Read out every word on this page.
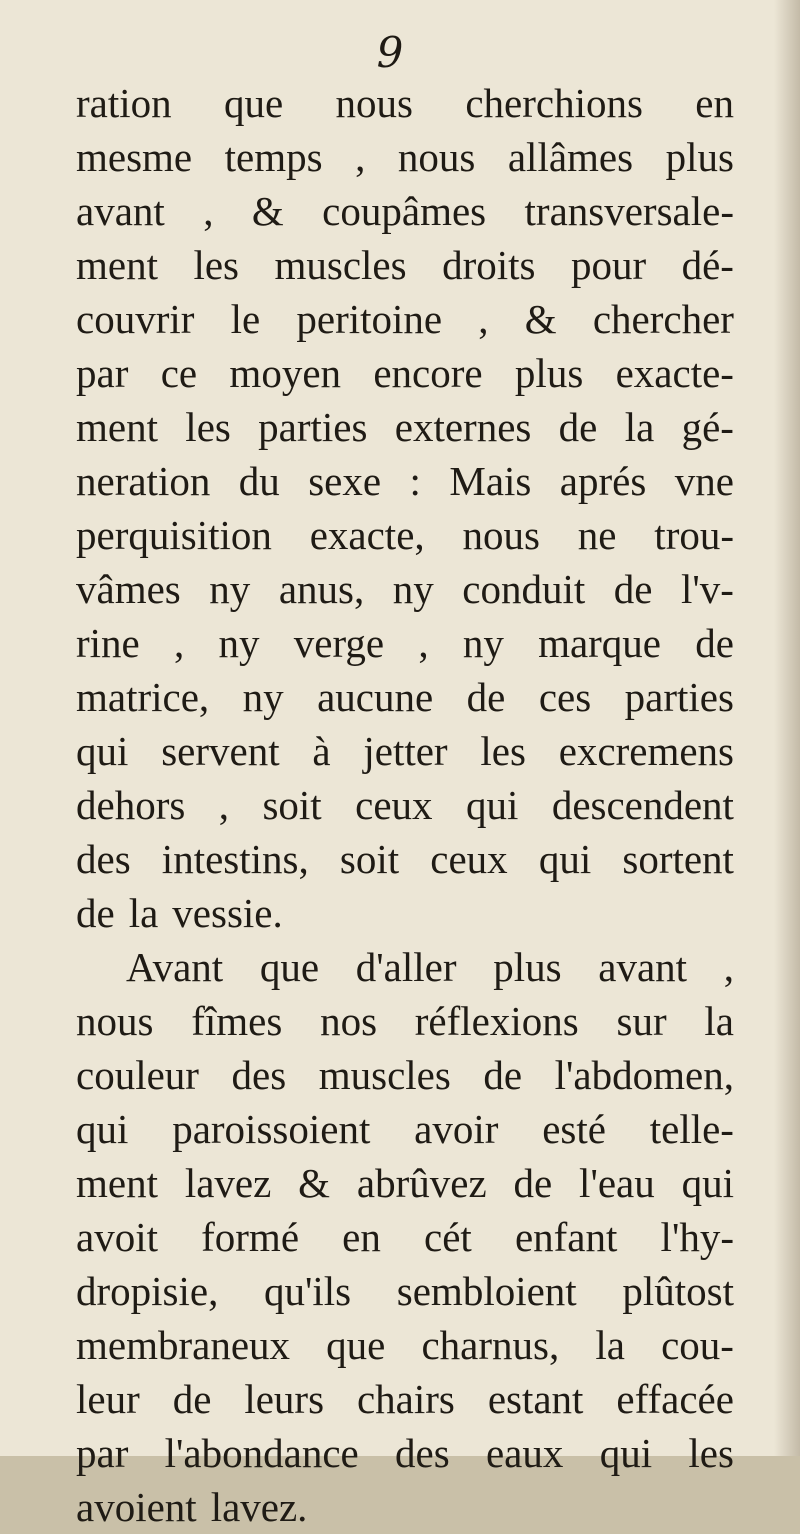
9
ration que nous cherchions en
mesme temps , nous allâmes plus
avant , & coupâmes transversale-
ment les muscles droits pour dé-
couvrir le peritoine , & chercher
par ce moyen encore plus exacte-
ment les parties externes de la gé-
neration du sexe : Mais aprés vne
perquisition exacte, nous ne trou-
vâmes ny anus, ny conduit de l'v-
rine , ny verge , ny marque de
matrice, ny aucune de ces parties
qui servent à jetter les excremens
dehors , soit ceux qui descendent
des intestins, soit ceux qui sortent
de la vessie.
Avant que d'aller plus avant ,
nous fîmes nos réflexions sur la
couleur des muscles de l'abdomen,
qui paroissoient avoir esté telle-
ment lavez & abrûvez de l'eau qui
avoit formé en cét enfant l'hy-
dropisie, qu'ils sembloient plûtost
membraneux que charnus, la cou-
leur de leurs chairs estant effacée
par l'abondance des eaux qui les
avoient lavez.
